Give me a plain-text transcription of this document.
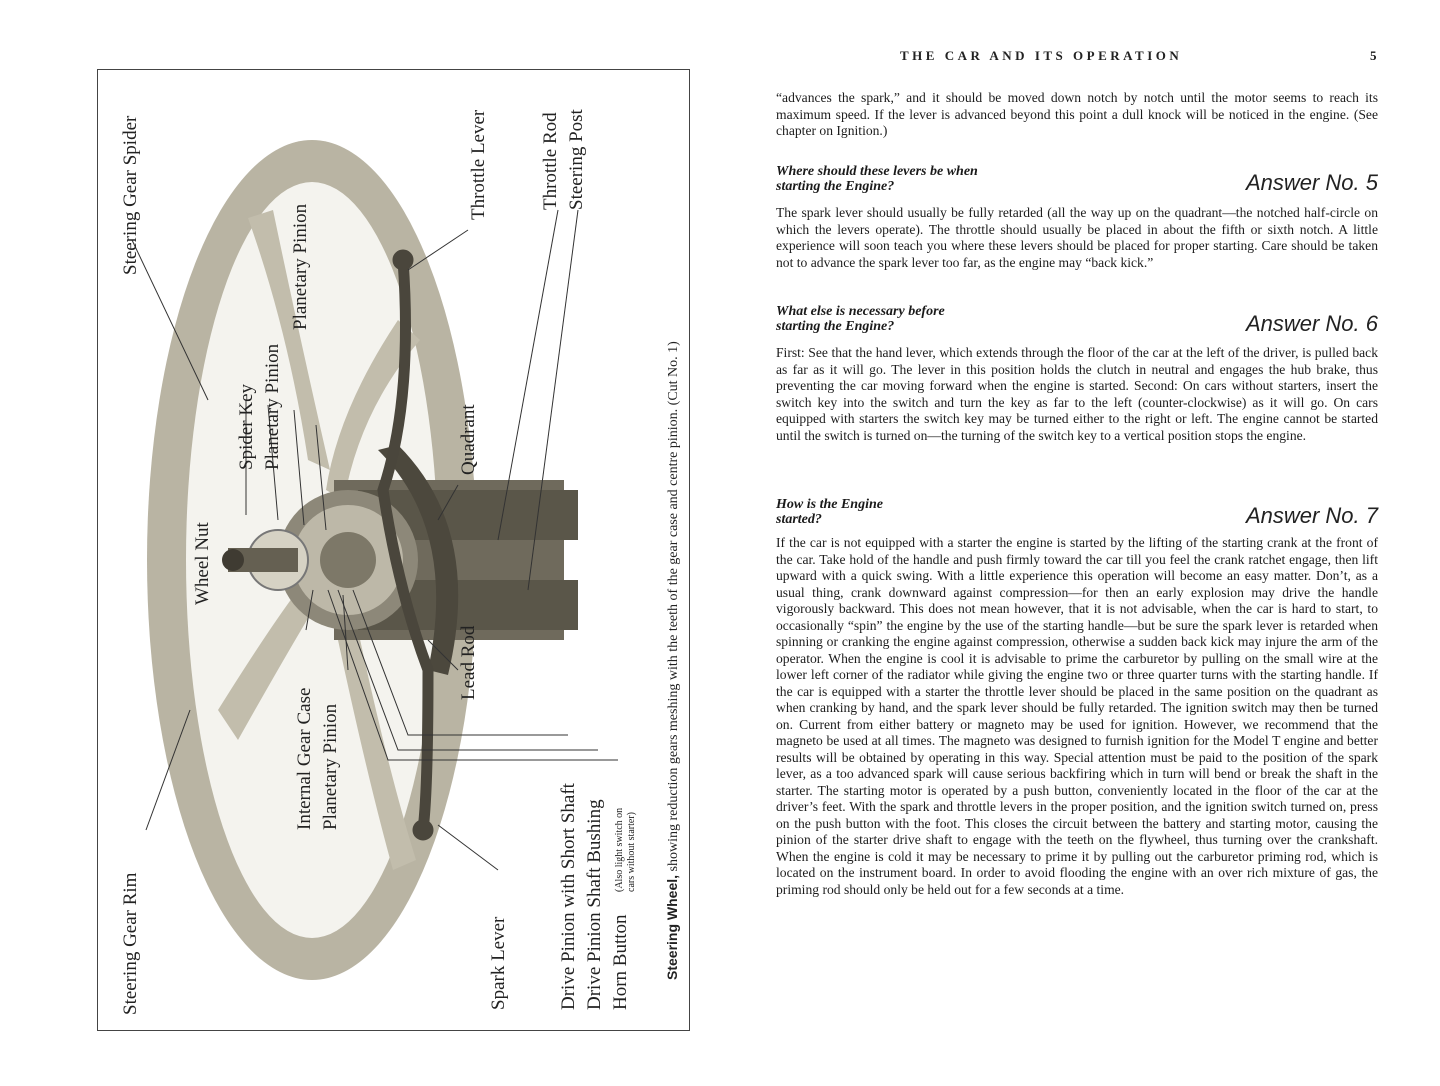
Steering Gear Rim
Steering Gear Spider
Wheel Nut
Spider Key Planetary Pinion
Planetary Pinion
Internal Gear Case Planetary Pinion
Quadrant
Lead Rod
Spark Lever
Throttle Lever	Throttle Rod Steering Post
Drive Pinion with Short Shaft Drive Pinion Shaft Bushing Horn Button
(Also light switch on cars without starter)
Steering Wheel, showing reduction gears meshing with the teeth of the gear case and centre pinion. (Cut No. 1)
THE CAR AND ITS OPERATION	5
“advances the spark,” and it should be moved down notch by notch until the motor seems to reach its maximum speed. If the lever is advanced beyond this point a dull knock will be noticed in the engine. (See chapter on Ignition.)
Where should these levers be when
starting the Engine?	Answer No. 5
The spark lever should usually be fully retarded (all the way up on the quadrant—the notched half-circle on which the levers operate). The throttle should usually be placed in about the fifth or sixth notch. A little experience will soon teach you where these levers should be placed for proper starting. Care should be taken not to advance the spark lever too far, as the engine may “back kick.”
What else is necessary before
starting the Engine?	Answer No. 6
First: See that the hand lever, which extends through the floor of the car at the left of the driver, is pulled back as far as it will go. The lever in this position holds the clutch in neutral and engages the hub brake, thus preventing the car moving forward when the engine is started. Second: On cars without starters, insert the switch key into the switch and turn the key as far to the left (counter-clockwise) as it will go. On cars equipped with starters the switch key may be turned either to the right or left. The engine cannot be started until the switch is turned on—the turning of the switch key to a vertical position stops the engine.
How is the Engine
started?	Answer No. 7
If the car is not equipped with a starter the engine is started by the lifting of the starting crank at the front of the car. Take hold of the handle and push firmly toward the car till you feel the crank ratchet engage, then lift upward with a quick swing. With a little experience this operation will become an easy matter. Don’t, as a usual thing, crank downward against compression—for then an early explosion may drive the handle vigorously backward. This does not mean however, that it is not advisable, when the car is hard to start, to occasionally “spin” the engine by the use of the starting handle—but be sure the spark lever is retarded when spinning or cranking the engine against compression, otherwise a sudden back kick may injure the arm of the operator. When the engine is cool it is advisable to prime the carburetor by pulling on the small wire at the lower left corner of the radiator while giving the engine two or three quarter turns with the starting handle. If the car is equipped with a starter the throttle lever should be placed in the same position on the quadrant as when cranking by hand, and the spark lever should be fully retarded. The ignition switch may then be turned on. Current from either battery or magneto may be used for ignition. However, we recommend that the magneto be used at all times. The magneto was designed to furnish ignition for the Model T engine and better results will be obtained by operating in this way. Special attention must be paid to the position of the spark lever, as a too advanced spark will cause serious backfiring which in turn will bend or break the shaft in the starter. The starting motor is operated by a push button, conveniently located in the floor of the car at the driver’s feet. With the spark and throttle levers in the proper position, and the ignition switch turned on, press on the push button with the foot. This closes the circuit between the battery and starting motor, causing the pinion of the starter drive shaft to engage with the teeth on the flywheel, thus turning over the crankshaft. When the engine is cold it may be necessary to prime it by pulling out the carburetor priming rod, which is located on the instrument board. In order to avoid flooding the engine with an over rich mixture of gas, the priming rod should only be held out for a few seconds at a time.
